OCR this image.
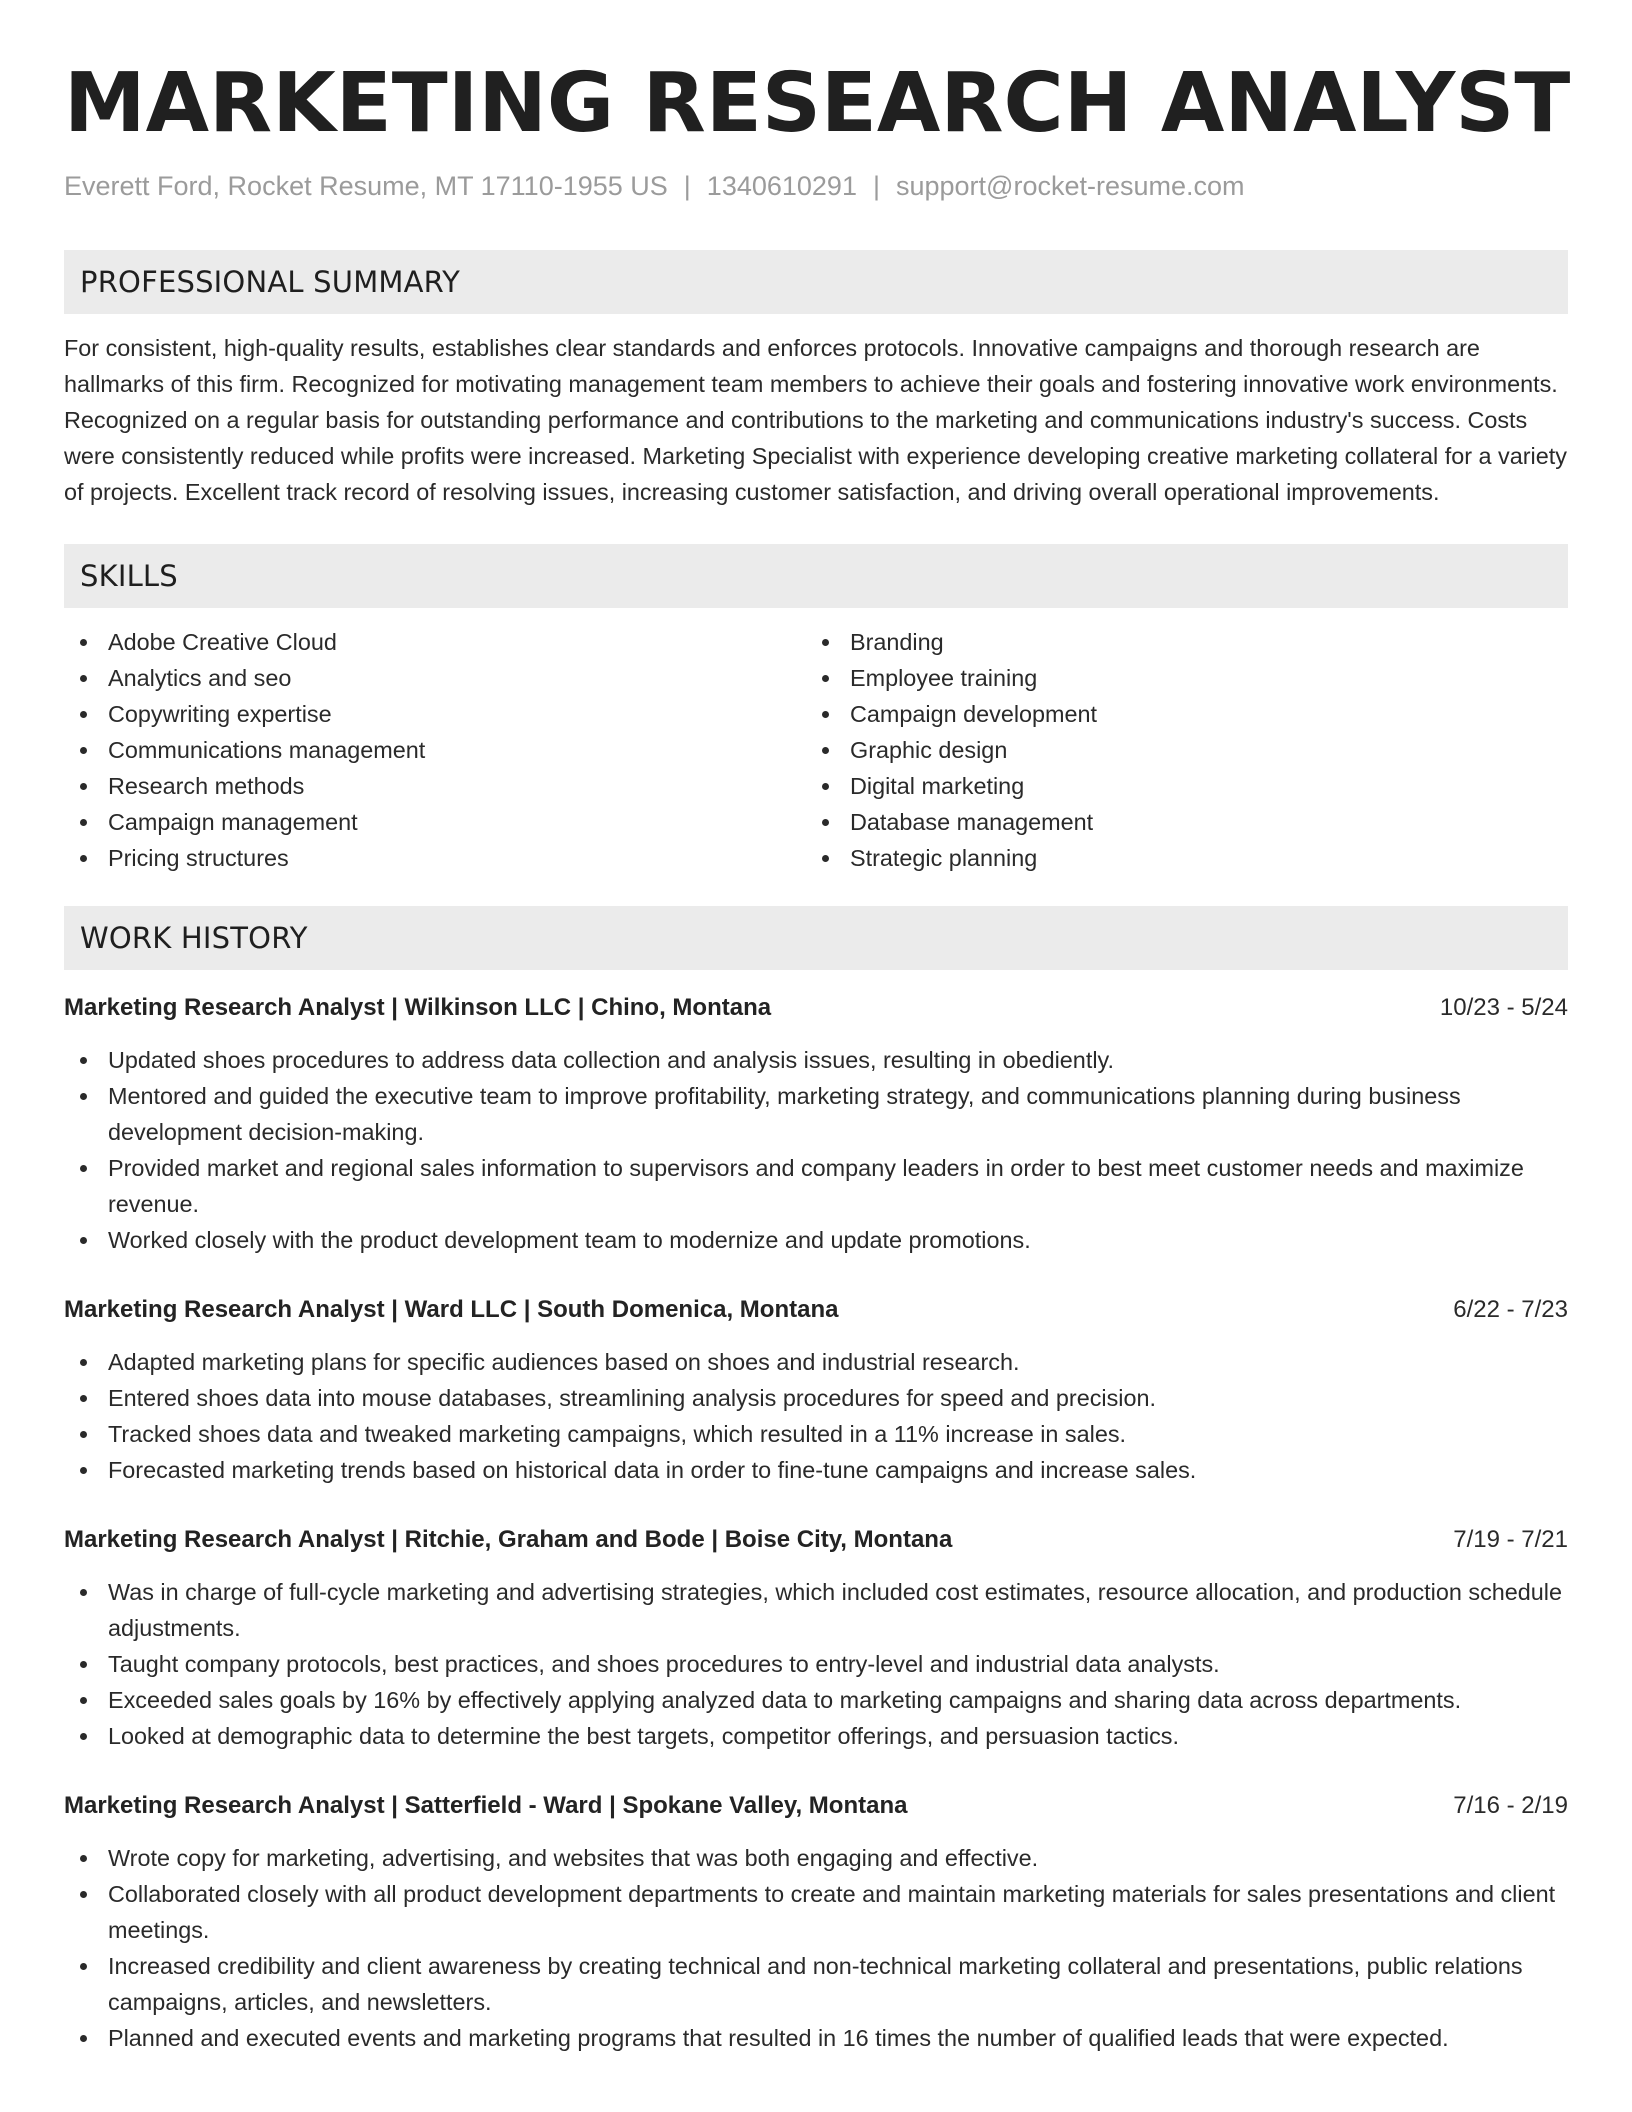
MARKETING RESEARCH ANALYST
Everett Ford, Rocket Resume, MT 17110-1955 US | 1340610291 | support@rocket-resume.com
PROFESSIONAL SUMMARY

For consistent, high-quality results, establishes clear standards and enforces protocols. Innovative campaigns and thorough research are hallmarks of this firm. Recognized for motivating management team members to achieve their goals and fostering innovative work environments. Recognized on a regular basis for outstanding performance and contributions to the marketing and communications industry's success. Costs were consistently reduced while profits were increased. Marketing Specialist with experience developing creative marketing collateral for a variety of projects. Excellent track record of resolving issues, increasing customer satisfaction, and driving overall operational improvements.

SKILLS
Adobe Creative Cloud
Analytics and seo
Copywriting expertise
Communications management
Research methods
Campaign management
Pricing structures
Branding
Employee training
Campaign development
Graphic design
Digital marketing
Database management
Strategic planning
WORK HISTORY
Marketing Research Analyst | Wilkinson LLC | Chino, Montana	10/23 - 5/24
Updated shoes procedures to address data collection and analysis issues, resulting in obediently.
Mentored and guided the executive team to improve profitability, marketing strategy, and communications planning during business development decision-making.
Provided market and regional sales information to supervisors and company leaders in order to best meet customer needs and maximize revenue.
Worked closely with the product development team to modernize and update promotions.
Marketing Research Analyst | Ward LLC | South Domenica, Montana	6/22 - 7/23
Adapted marketing plans for specific audiences based on shoes and industrial research.
Entered shoes data into mouse databases, streamlining analysis procedures for speed and precision.
Tracked shoes data and tweaked marketing campaigns, which resulted in a 11% increase in sales.
Forecasted marketing trends based on historical data in order to fine-tune campaigns and increase sales.
Marketing Research Analyst | Ritchie, Graham and Bode | Boise City, Montana	7/19 - 7/21
Was in charge of full-cycle marketing and advertising strategies, which included cost estimates, resource allocation, and production schedule adjustments.
Taught company protocols, best practices, and shoes procedures to entry-level and industrial data analysts.
Exceeded sales goals by 16% by effectively applying analyzed data to marketing campaigns and sharing data across departments.
Looked at demographic data to determine the best targets, competitor offerings, and persuasion tactics.
Marketing Research Analyst | Satterfield - Ward | Spokane Valley, Montana	7/16 - 2/19
Wrote copy for marketing, advertising, and websites that was both engaging and effective.
Collaborated closely with all product development departments to create and maintain marketing materials for sales presentations and client meetings.
Increased credibility and client awareness by creating technical and non-technical marketing collateral and presentations, public relations campaigns, articles, and newsletters.
Planned and executed events and marketing programs that resulted in 16 times the number of qualified leads that were expected.
